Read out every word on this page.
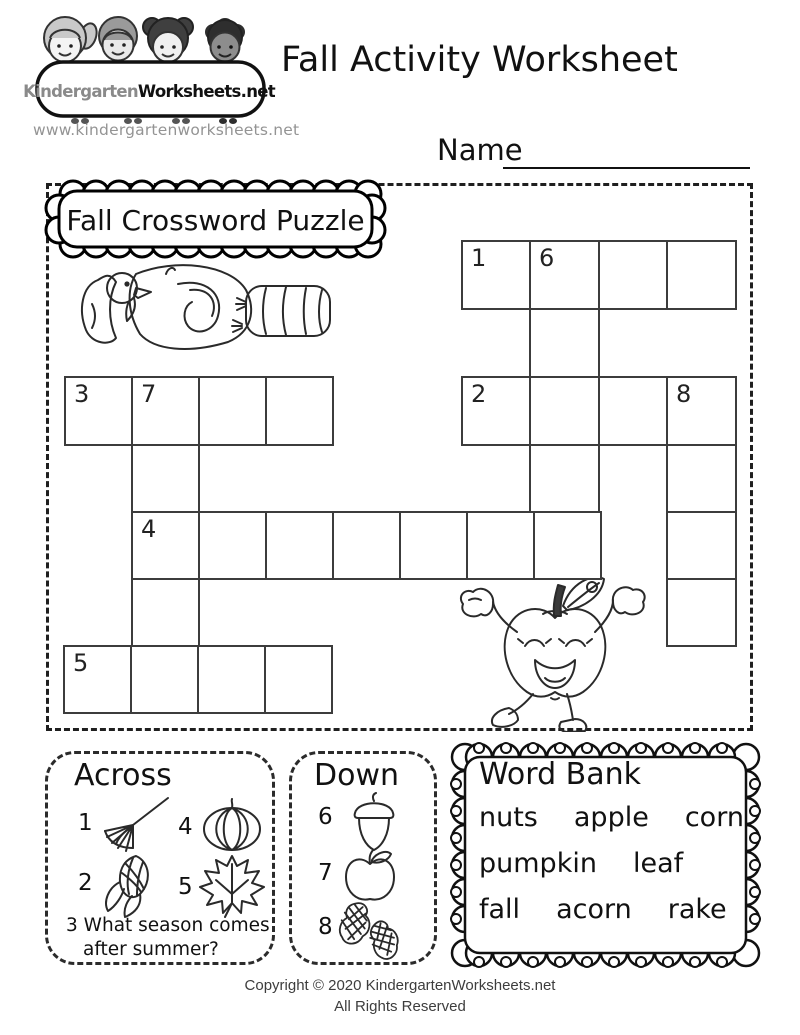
Kindergarten Worksheets.net
www.kindergartenworksheets.net
Fall Activity Worksheet
Name
Fall Crossword Puzzle
1	6
2	8
3	7
4
5
Across
1	4
2	5
3 What season comes
after summer?
Down
6
7
8
Word Bank
nuts apple corn
pumpkin leaf
fall acorn rake
Copyright © 2020 KindergartenWorksheets.net
All Rights Reserved
